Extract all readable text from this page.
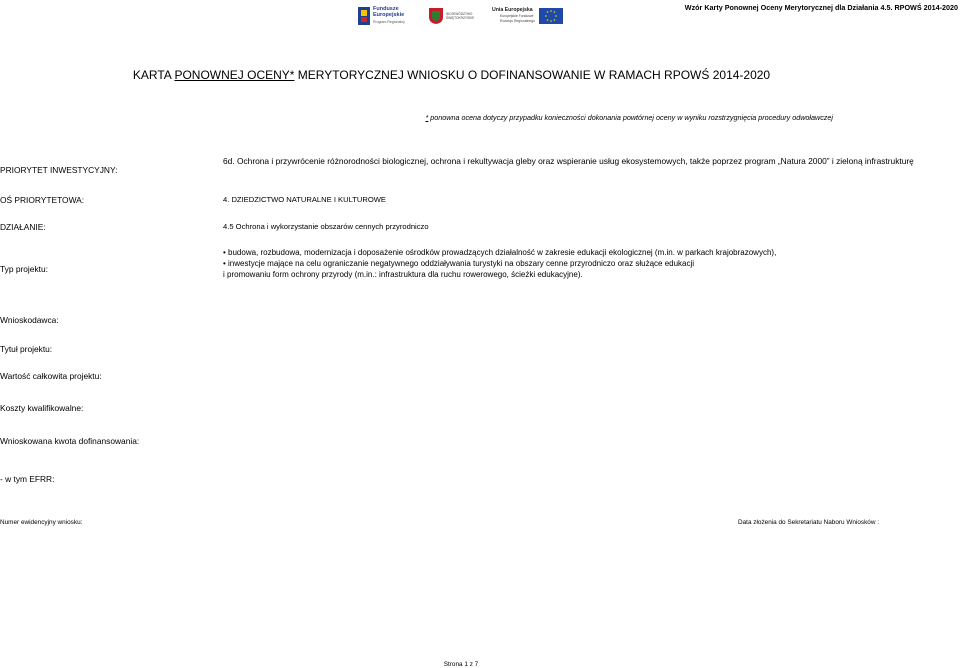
Wzór Karty Ponownej Oceny Merytorycznej dla Działania 4.5. RPOWŚ 2014-2020
Fundusze Europejskie
Program Regionalny
WOJEWÓDZTWO ŚWIĘTOKRZYSKIE
Unia Europejska
Europejskie Fundusze
Rozwoju Regionalnego
KARTA PONOWNEJ OCENY* MERYTORYCZNEJ WNIOSKU O DOFINANSOWANIE W RAMACH RPOWŚ 2014-2020
* ponowna ocena dotyczy przypadku konieczności dokonania powtórnej oceny w wyniku rozstrzygnięcia procedury odwoławczej
PRIORYTET INWESTYCYJNY:
6d. Ochrona i przywrócenie różnorodności biologicznej, ochrona i rekultywacja gleby oraz wspieranie usług ekosystemowych, także poprzez program „Natura 2000” i zieloną infrastrukturę
OŚ PRIORYTETOWA:	4. DZIEDZICTWO NATURALNE I KULTUROWE
DZIAŁANIE:	4.5 Ochrona i wykorzystanie obszarów cennych przyrodniczo
Typ projektu:
• budowa, rozbudowa, modernizacja i doposażenie ośrodków prowadzących działalność w zakresie edukacji ekologicznej (m.in. w parkach krajobrazowych),
• inwestycje mające na celu ograniczanie negatywnego oddziaływania turystyki na obszary cenne przyrodniczo oraz służące edukacji
i promowaniu form ochrony przyrody (m.in.: infrastruktura dla ruchu rowerowego, ścieżki edukacyjne).
Wnioskodawca:
Tytuł projektu:
Wartość całkowita projektu:
Koszty kwalifikowalne:
Wnioskowana kwota dofinansowania:
- w tym EFRR:
Numer ewidencyjny wniosku:	Data złożenia do Sekretariatu Naboru Wniosków :
Strona 1 z 7
